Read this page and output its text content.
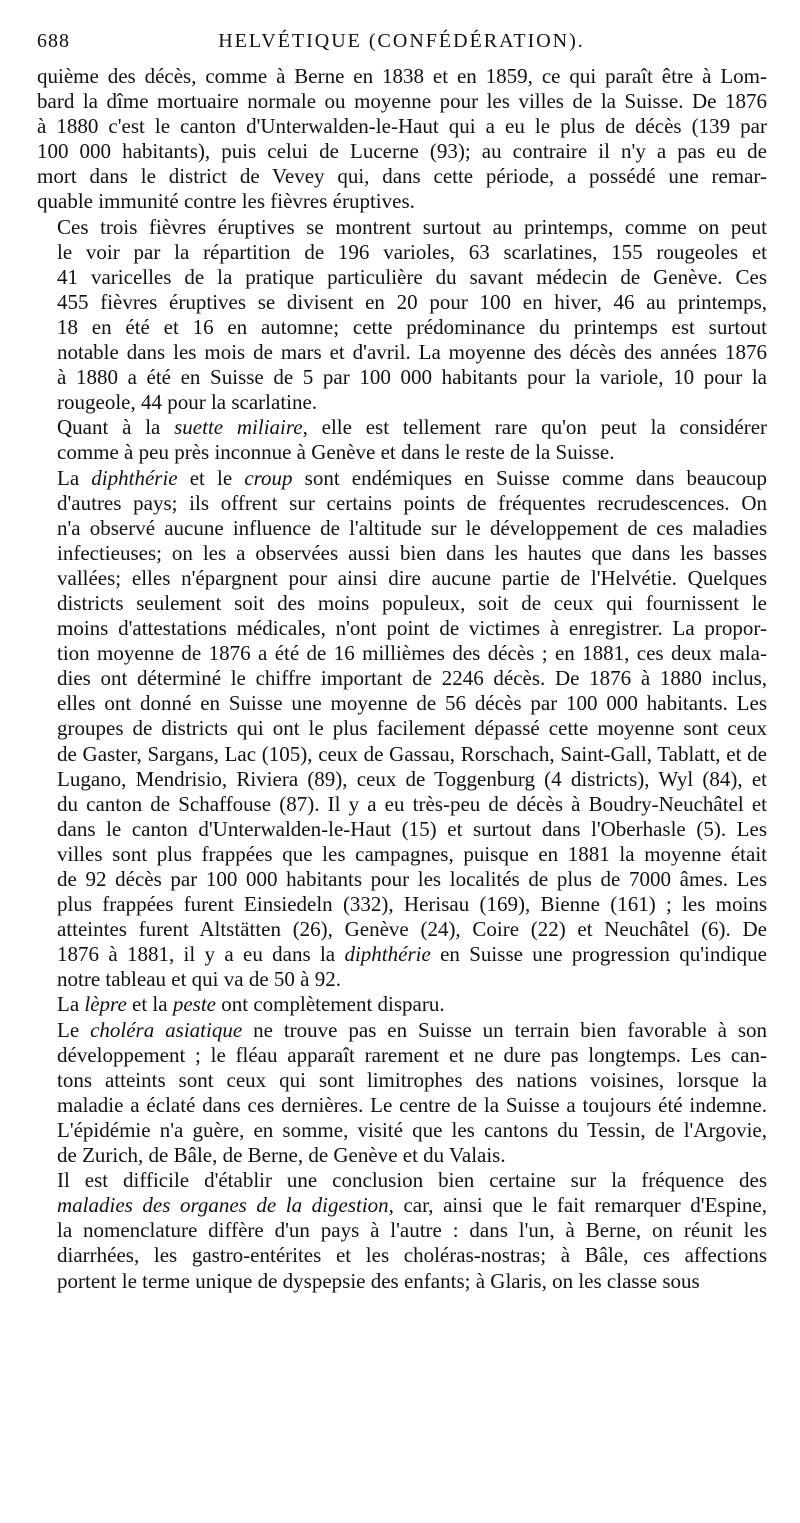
688	HELVÉTIQUE (CONFÉDÉRATION).

quième des décès, comme à Berne en 1838 et en 1859, ce qui paraît être à Lom-
bard la dîme mortuaire normale ou moyenne pour les villes de la Suisse. De 1876
à 1880 c'est le canton d'Unterwalden-le-Haut qui a eu le plus de décès (139 par
100 000 habitants), puis celui de Lucerne (93); au contraire il n'y a pas eu de
mort dans le district de Vevey qui, dans cette période, a possédé une remar-
quable immunité contre les fièvres éruptives.

Ces trois fièvres éruptives se montrent surtout au printemps, comme on peut
le voir par la répartition de 196 varioles, 63 scarlatines, 155 rougeoles et
41 varicelles de la pratique particulière du savant médecin de Genève. Ces
455 fièvres éruptives se divisent en 20 pour 100 en hiver, 46 au printemps,
18 en été et 16 en automne; cette prédominance du printemps est surtout
notable dans les mois de mars et d'avril. La moyenne des décès des années 1876
à 1880 a été en Suisse de 5 par 100 000 habitants pour la variole, 10 pour la
rougeole, 44 pour la scarlatine.

Quant à la suette miliaire, elle est tellement rare qu'on peut la considérer
comme à peu près inconnue à Genève et dans le reste de la Suisse.

La diphthérie et le croup sont endémiques en Suisse comme dans beaucoup
d'autres pays; ils offrent sur certains points de fréquentes recrudescences. On
n'a observé aucune influence de l'altitude sur le développement de ces maladies
infectieuses; on les a observées aussi bien dans les hautes que dans les basses
vallées; elles n'épargnent pour ainsi dire aucune partie de l'Helvétie. Quelques
districts seulement soit des moins populeux, soit de ceux qui fournissent le
moins d'attestations médicales, n'ont point de victimes à enregistrer. La propor-
tion moyenne de 1876 a été de 16 millièmes des décès ; en 1881, ces deux mala-
dies ont déterminé le chiffre important de 2246 décès. De 1876 à 1880 inclus,
elles ont donné en Suisse une moyenne de 56 décès par 100 000 habitants. Les
groupes de districts qui ont le plus facilement dépassé cette moyenne sont ceux
de Gaster, Sargans, Lac (105), ceux de Gassau, Rorschach, Saint-Gall, Tablatt, et de
Lugano, Mendrisio, Riviera (89), ceux de Toggenburg (4 districts), Wyl (84), et
du canton de Schaffouse (87). Il y a eu très-peu de décès à Boudry-Neuchâtel et
dans le canton d'Unterwalden-le-Haut (15) et surtout dans l'Oberhasle (5). Les
villes sont plus frappées que les campagnes, puisque en 1881 la moyenne était
de 92 décès par 100 000 habitants pour les localités de plus de 7000 âmes. Les
plus frappées furent Einsiedeln (332), Herisau (169), Bienne (161) ; les moins
atteintes furent Altstätten (26), Genève (24), Coire (22) et Neuchâtel (6). De
1876 à 1881, il y a eu dans la diphthérie en Suisse une progression qu'indique
notre tableau et qui va de 50 à 92.

La lèpre et la peste ont complètement disparu.

Le choléra asiatique ne trouve pas en Suisse un terrain bien favorable à son
développement ; le fléau apparaît rarement et ne dure pas longtemps. Les can-
tons atteints sont ceux qui sont limitrophes des nations voisines, lorsque la
maladie a éclaté dans ces dernières. Le centre de la Suisse a toujours été indemne.
L'épidémie n'a guère, en somme, visité que les cantons du Tessin, de l'Argovie,
de Zurich, de Bâle, de Berne, de Genève et du Valais.

Il est difficile d'établir une conclusion bien certaine sur la fréquence des
maladies des organes de la digestion, car, ainsi que le fait remarquer d'Espine,
la nomenclature diffère d'un pays à l'autre : dans l'un, à Berne, on réunit les
diarrhées, les gastro-entérites et les choléras-nostras; à Bâle, ces affections
portent le terme unique de dyspepsie des enfants; à Glaris, on les classe sous
